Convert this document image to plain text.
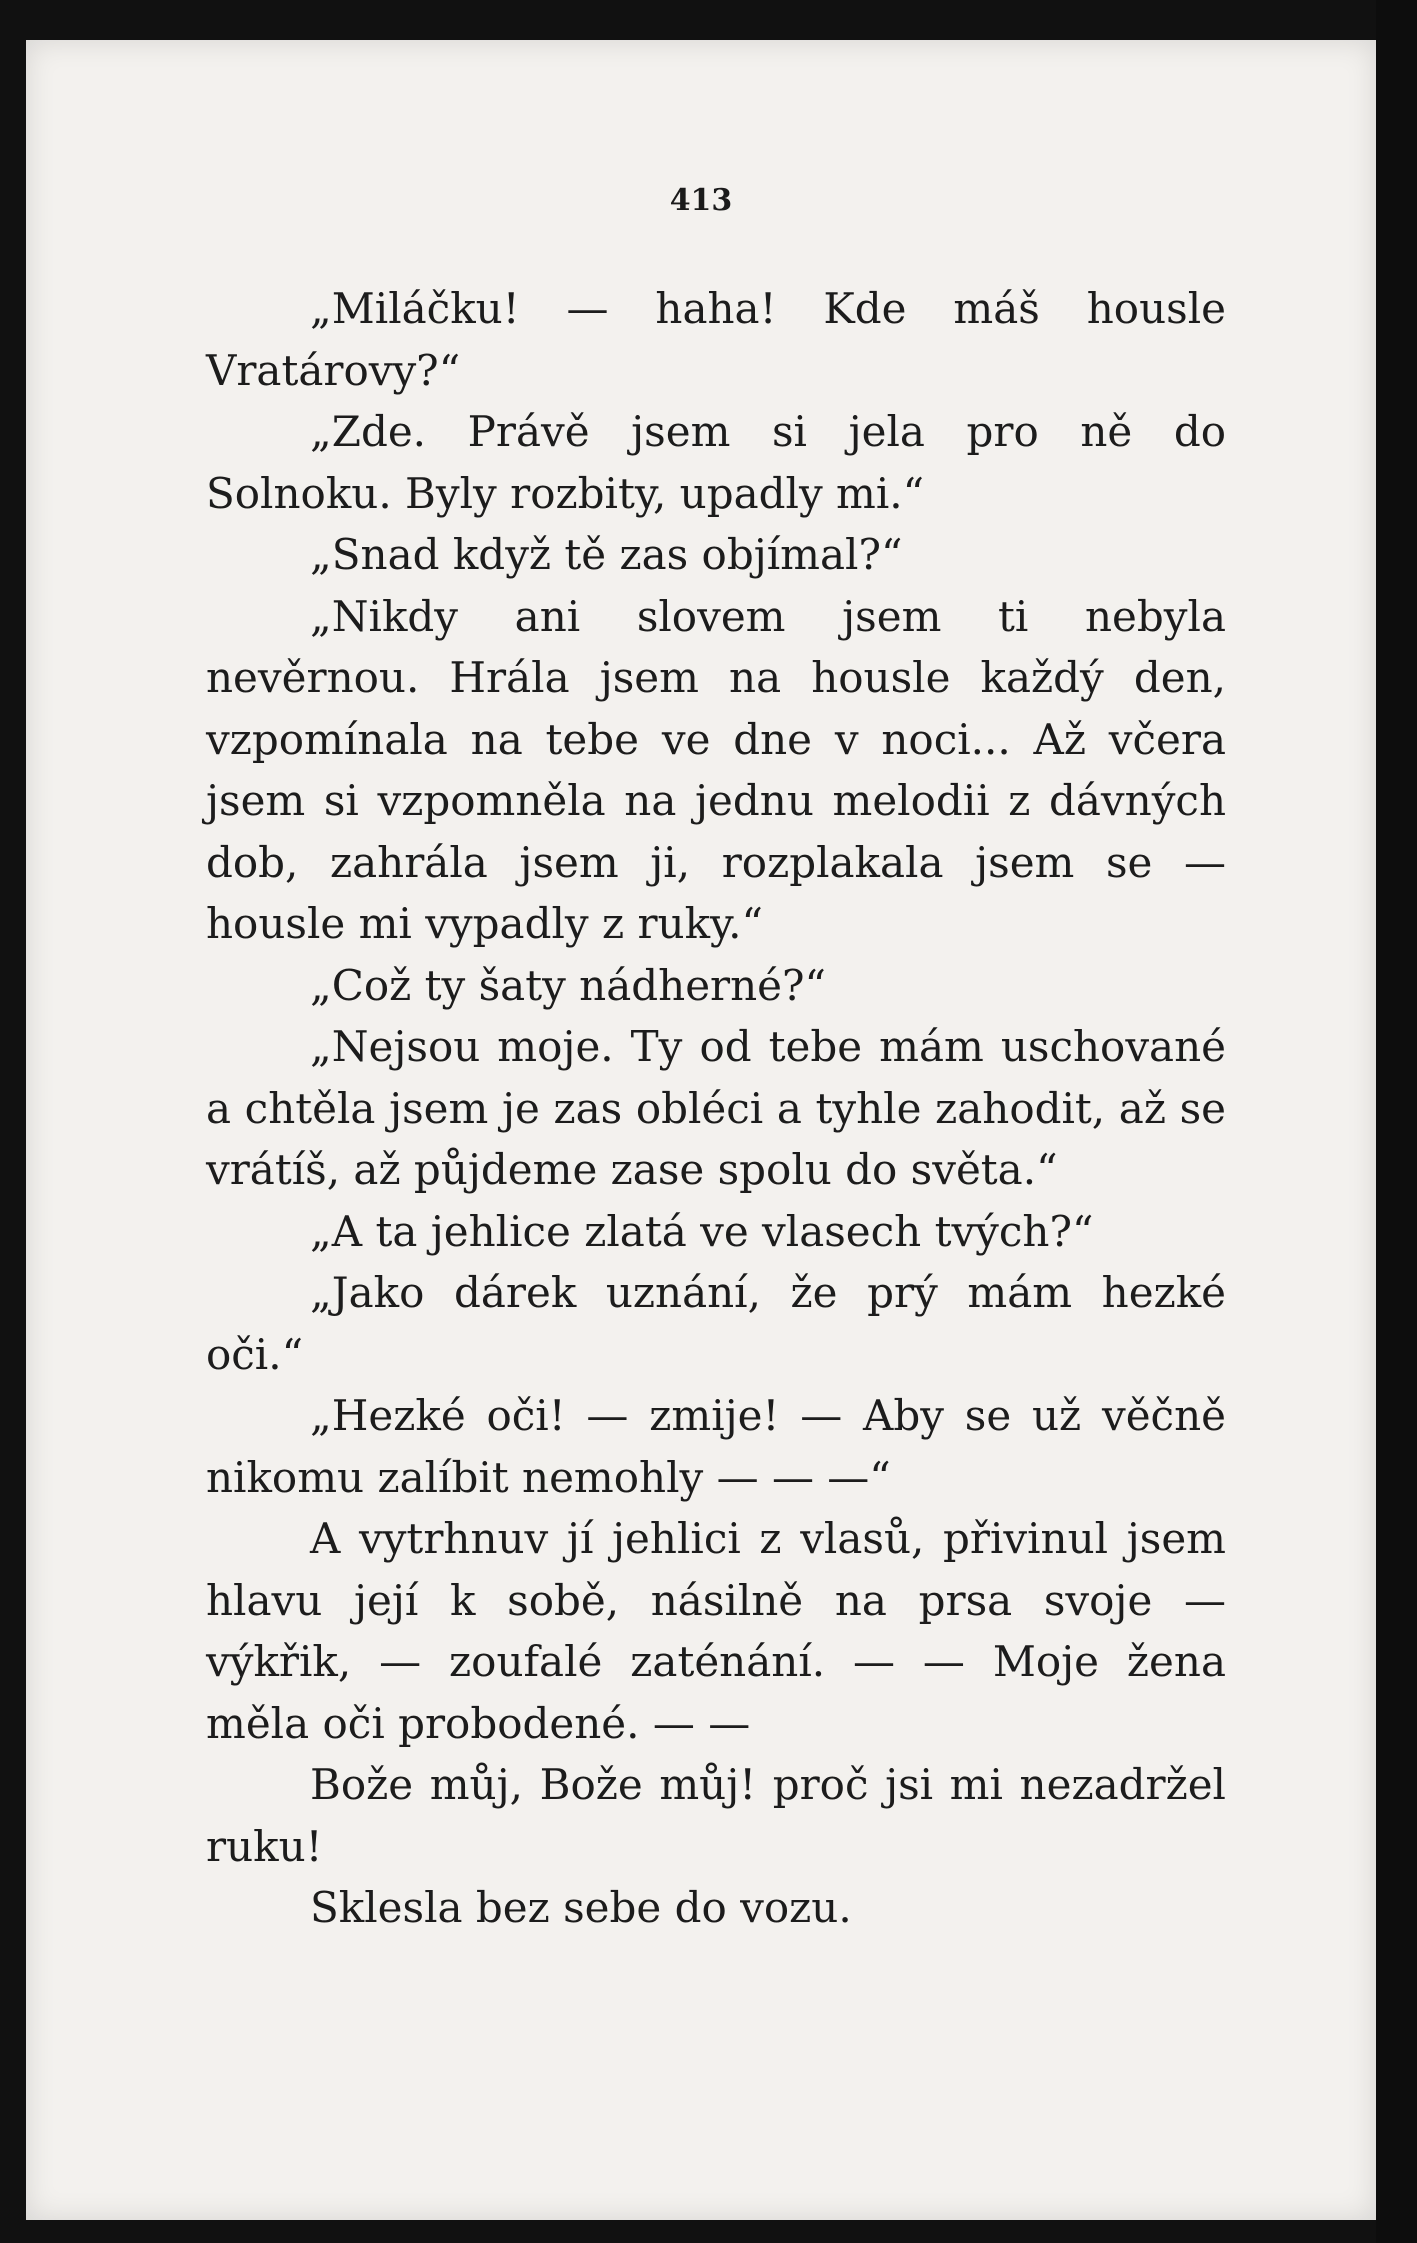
413

„Miláčku! — haha! Kde máš housle Vratárovy?“

„Zde. Právě jsem si jela pro ně do Solnoku. Byly rozbity, upadly mi.“

„Snad když tě zas objímal?“

„Nikdy ani slovem jsem ti nebyla nevěrnou. Hrála jsem na housle každý den, vzpomínala na tebe ve dne v noci... Až včera jsem si vzpomněla na jednu melodii z dávných dob, zahrála jsem ji, rozplakala jsem se — housle mi vypadly z ruky.“

„Což ty šaty nádherné?“

„Nejsou moje. Ty od tebe mám uschované a chtěla jsem je zas obléci a tyhle zahodit, až se vrátíš, až půjdeme zase spolu do světa.“

„A ta jehlice zlatá ve vlasech tvých?“

„Jako dárek uznání, že prý mám hezké oči.“

„Hezké oči! — zmije! — Aby se už věčně nikomu zalíbit nemohly — — —“

A vytrhnuv jí jehlici z vlasů, přivinul jsem hlavu její k sobě, násilně na prsa svoje — výkřik, — zoufalé zaténání. — — Moje žena měla oči probodené. — —

Bože můj, Bože můj! proč jsi mi nezadržel ruku!

Sklesla bez sebe do vozu.
